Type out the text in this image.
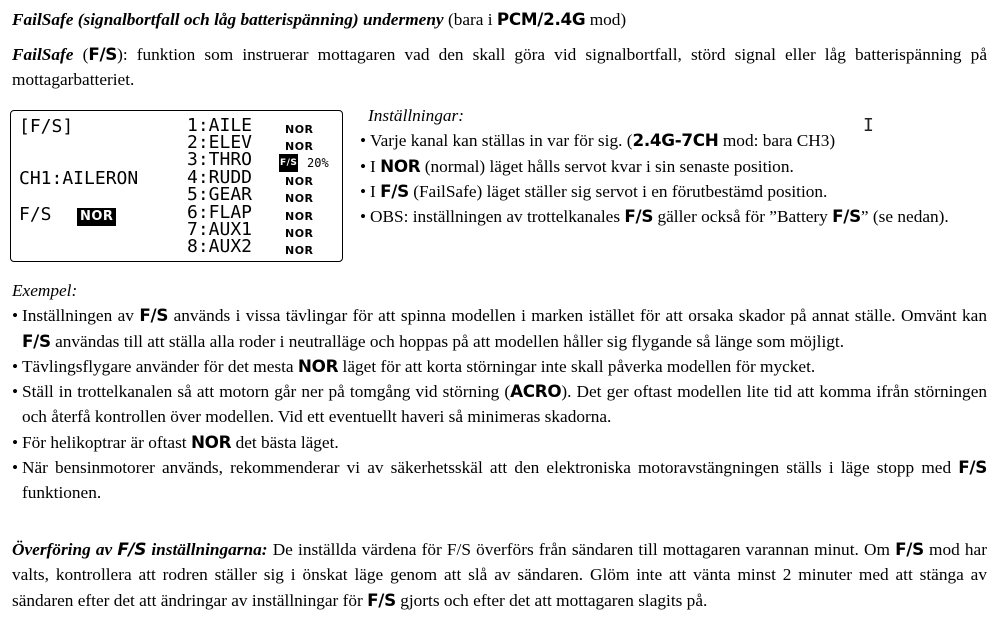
FailSafe (signalbortfall och låg batterispänning) undermeny (bara i PCM/2.4G mod)
FailSafe (F/S): funktion som instruerar mottagaren vad den skall göra vid signalbortfall, störd signal eller låg batterispänning på mottagarbatteriet.
[F/S]
CH1:AILERON
F/S NOR
1:AILE	NOR
2:ELEV	NOR
3:THRO	F/S 20%
4:RUDD	NOR
5:GEAR	NOR
6:FLAP	NOR
7:AUX1	NOR
8:AUX2	NOR
Inställningar:
• Varje kanal kan ställas in var för sig. (2.4G-7CH mod: bara CH3)
• I NOR (normal) läget hålls servot kvar i sin senaste position.
• I F/S (FailSafe) läget ställer sig servot i en förutbestämd position.
• OBS: inställningen av trottelkanales F/S gäller också för ”Battery F/S” (se nedan).
I
Exempel:
• Inställningen av F/S används i vissa tävlingar för att spinna modellen i marken istället för att orsaka skador på annat ställe. Omvänt kan F/S användas till att ställa alla roder i neutralläge och hoppas på att modellen håller sig flygande så länge som möjligt.
• Tävlingsflygare använder för det mesta NOR läget för att korta störningar inte skall påverka modellen för mycket.
• Ställ in trottelkanalen så att motorn går ner på tomgång vid störning (ACRO). Det ger oftast modellen lite tid att komma ifrån störningen och återfå kontrollen över modellen. Vid ett eventuellt haveri så minimeras skadorna.
• För helikoptrar är oftast NOR det bästa läget.
• När bensinmotorer används, rekommenderar vi av säkerhetsskäl att den elektroniska motoravstängningen ställs i läge stopp med F/S funktionen.
Överföring av F/S inställningarna: De inställda värdena för F/S överförs från sändaren till mottagaren varannan minut. Om F/S mod har valts, kontrollera att rodren ställer sig i önskat läge genom att slå av sändaren. Glöm inte att vänta minst 2 minuter med att stänga av sändaren efter det att ändringar av inställningar för F/S gjorts och efter det att mottagaren slagits på.
